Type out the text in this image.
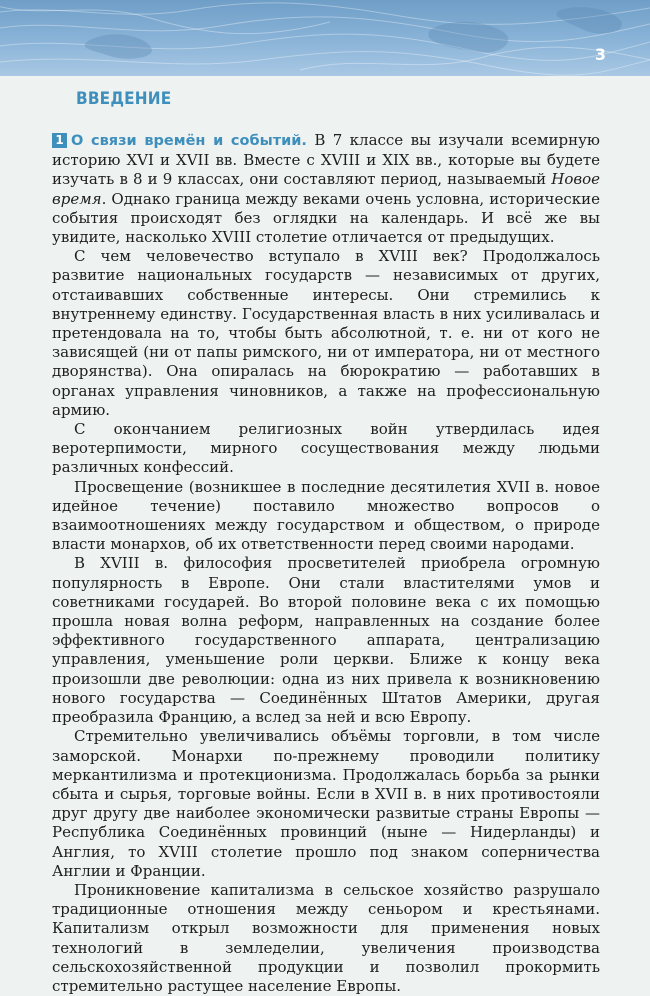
3
ВВЕДЕНИЕ

1 О связи времён и событий. В 7 классе вы изучали всемирную историю XVI и XVII вв. Вместе с XVIII и XIX вв., которые вы будете изучать в 8 и 9 классах, они составляют период, называемый Новое время. Однако граница между веками очень условна, исторические события происходят без оглядки на календарь. И всё же вы увидите, насколько XVIII столетие отличается от предыдущих.

С чем человечество вступало в XVIII век? Продолжалось развитие национальных государств — независимых от других, отстаивавших собственные интересы. Они стремились к внутреннему единству. Государственная власть в них усиливалась и претендовала на то, чтобы быть абсолютной, т. е. ни от кого не зависящей (ни от папы римского, ни от императора, ни от местного дворянства). Она опиралась на бюрократию — работавших в органах управления чиновников, а также на профессиональную армию.

С окончанием религиозных войн утвердилась идея веротерпимости, мирного сосуществования между людьми различных конфессий.

Просвещение (возникшее в последние десятилетия XVII в. новое идейное течение) поставило множество вопросов о взаимоотношениях между государством и обществом, о природе власти монархов, об их ответственности перед своими народами.

В XVIII в. философия просветителей приобрела огромную популярность в Европе. Они стали властителями умов и советниками государей. Во второй половине века с их помощью прошла новая волна реформ, направленных на создание более эффективного государственного аппарата, централизацию управления, уменьшение роли церкви. Ближе к концу века произошли две революции: одна из них привела к возникновению нового государства — Соединённых Штатов Америки, другая преобразила Францию, а вслед за ней и всю Европу.

Стремительно увеличивались объёмы торговли, в том числе заморской. Монархи по-прежнему проводили политику меркантилизма и протекционизма. Продолжалась борьба за рынки сбыта и сырья, торговые войны. Если в XVII в. в них противостояли друг другу две наиболее экономически развитые страны Европы — Республика Соединённых провинций (ныне — Нидерланды) и Англия, то XVIII столетие прошло под знаком соперничества Англии и Франции.

Проникновение капитализма в сельское хозяйство разрушало традиционные отношения между сеньором и крестьянами. Капитализм открыл возможности для применения новых технологий в земледелии, увеличения производства сельскохозяйственной продукции и позволил прокормить стремительно растущее население Европы.
